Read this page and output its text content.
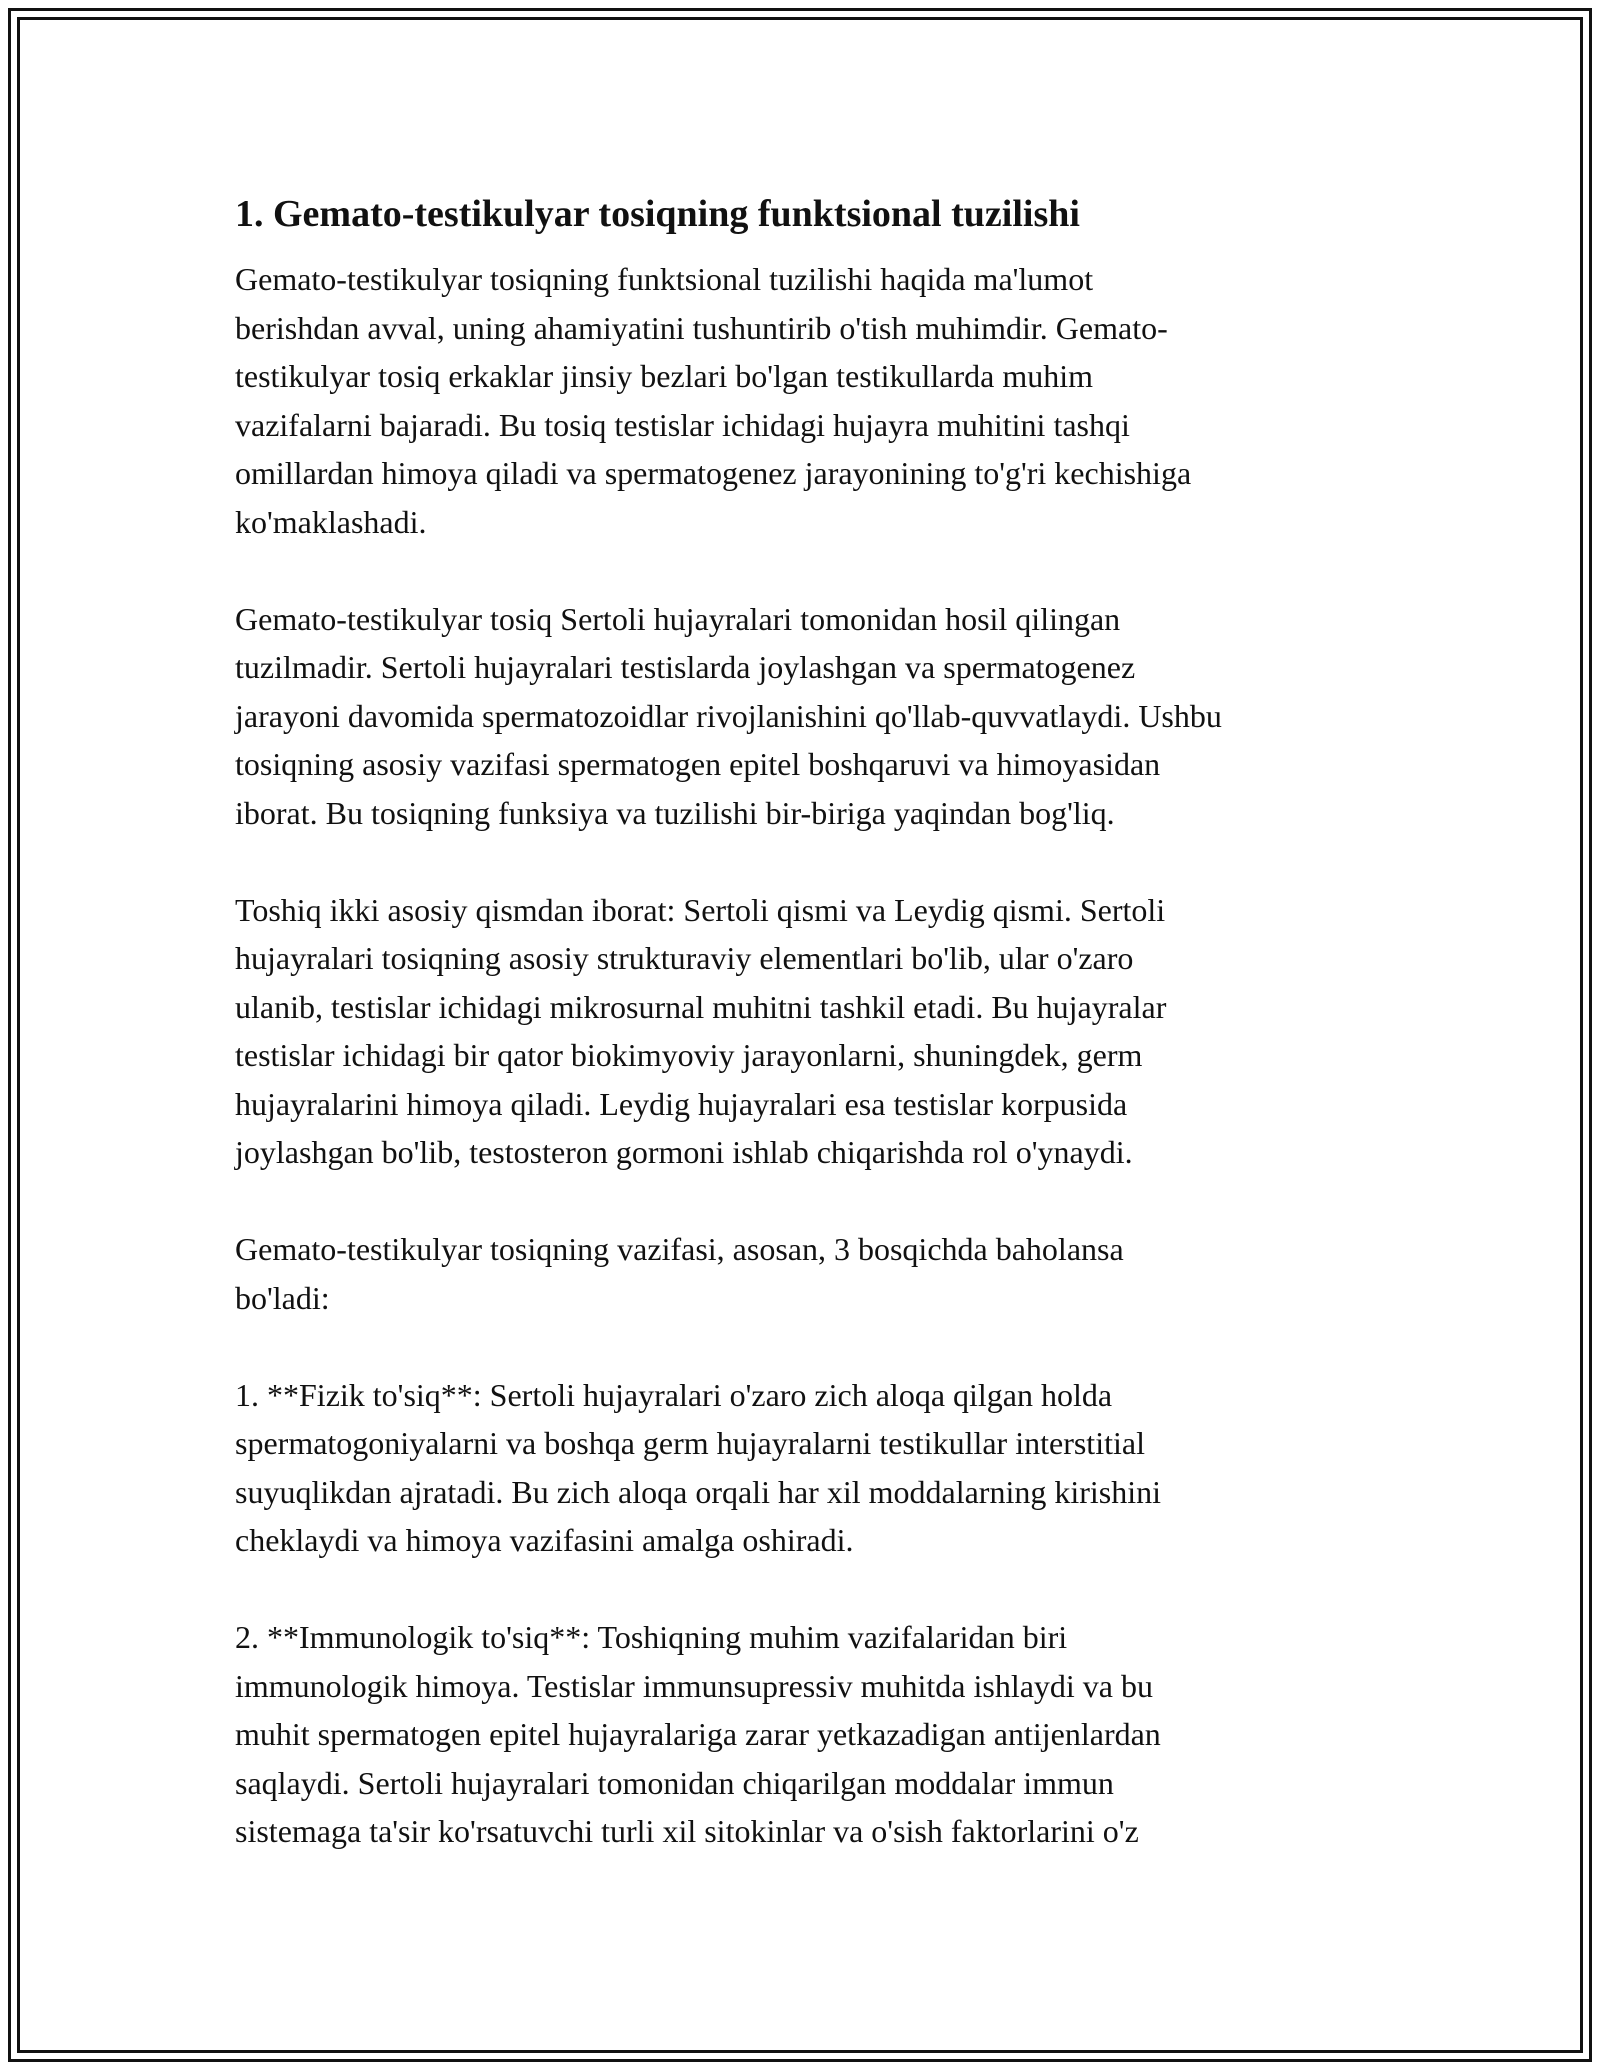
1. Gemato-testikulyar tosiqning funktsional tuzilishi

Gemato-testikulyar tosiqning funktsional tuzilishi haqida ma'lumot
berishdan avval, uning ahamiyatini tushuntirib o'tish muhimdir. Gemato-
testikulyar tosiq erkaklar jinsiy bezlari bo'lgan testikullarda muhim
vazifalarni bajaradi. Bu tosiq testislar ichidagi hujayra muhitini tashqi
omillardan himoya qiladi va spermatogenez jarayonining to'g'ri kechishiga
ko'maklashadi.

Gemato-testikulyar tosiq Sertoli hujayralari tomonidan hosil qilingan
tuzilmadir. Sertoli hujayralari testislarda joylashgan va spermatogenez
jarayoni davomida spermatozoidlar rivojlanishini qo'llab-quvvatlaydi. Ushbu
tosiqning asosiy vazifasi spermatogen epitel boshqaruvi va himoyasidan
iborat. Bu tosiqning funksiya va tuzilishi bir-biriga yaqindan bog'liq.

Toshiq ikki asosiy qismdan iborat: Sertoli qismi va Leydig qismi. Sertoli
hujayralari tosiqning asosiy strukturaviy elementlari bo'lib, ular o'zaro
ulanib, testislar ichidagi mikrosurnal muhitni tashkil etadi. Bu hujayralar
testislar ichidagi bir qator biokimyoviy jarayonlarni, shuningdek, germ
hujayralarini himoya qiladi. Leydig hujayralari esa testislar korpusida
joylashgan bo'lib, testosteron gormoni ishlab chiqarishda rol o'ynaydi.

Gemato-testikulyar tosiqning vazifasi, asosan, 3 bosqichda baholansa
bo'ladi:

1. **Fizik to'siq**: Sertoli hujayralari o'zaro zich aloqa qilgan holda
spermatogoniyalarni va boshqa germ hujayralarni testikullar interstitial
suyuqlikdan ajratadi. Bu zich aloqa orqali har xil moddalarning kirishini
cheklaydi va himoya vazifasini amalga oshiradi.

2. **Immunologik to'siq**: Toshiqning muhim vazifalaridan biri
immunologik himoya. Testislar immunsupressiv muhitda ishlaydi va bu
muhit spermatogen epitel hujayralariga zarar yetkazadigan antijenlardan
saqlaydi. Sertoli hujayralari tomonidan chiqarilgan moddalar immun
sistemaga ta'sir ko'rsatuvchi turli xil sitokinlar va o'sish faktorlarini o'z
